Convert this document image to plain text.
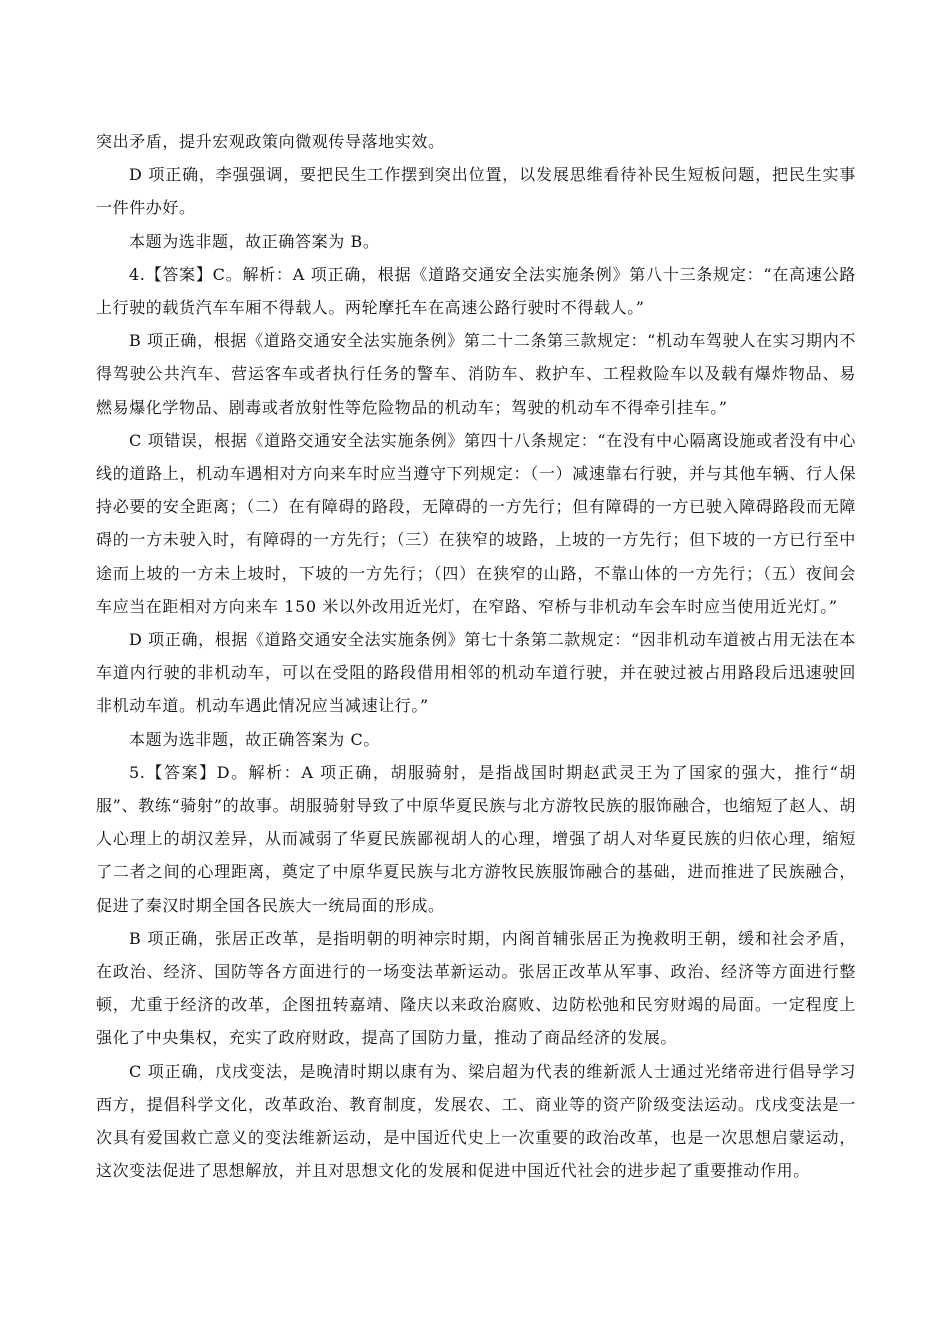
突出矛盾，提升宏观政策向微观传导落地实效。

D 项正确，李强强调，要把民生工作摆到突出位置，以发展思维看待补民生短板问题，把民生实事一件件办好。

本题为选非题，故正确答案为 B。

4.【答案】C。解析：A 项正确，根据《道路交通安全法实施条例》第八十三条规定：“在高速公路上行驶的载货汽车车厢不得载人。两轮摩托车在高速公路行驶时不得载人。”

B 项正确，根据《道路交通安全法实施条例》第二十二条第三款规定：“机动车驾驶人在实习期内不得驾驶公共汽车、营运客车或者执行任务的警车、消防车、救护车、工程救险车以及载有爆炸物品、易燃易爆化学物品、剧毒或者放射性等危险物品的机动车；驾驶的机动车不得牵引挂车。”

C 项错误，根据《道路交通安全法实施条例》第四十八条规定：“在没有中心隔离设施或者没有中心线的道路上，机动车遇相对方向来车时应当遵守下列规定：（一）减速靠右行驶，并与其他车辆、行人保持必要的安全距离；（二）在有障碍的路段，无障碍的一方先行；但有障碍的一方已驶入障碍路段而无障碍的一方未驶入时，有障碍的一方先行；（三）在狭窄的坡路，上坡的一方先行；但下坡的一方已行至中途而上坡的一方未上坡时，下坡的一方先行；（四）在狭窄的山路，不靠山体的一方先行；（五）夜间会车应当在距相对方向来车 150 米以外改用近光灯，在窄路、窄桥与非机动车会车时应当使用近光灯。”

D 项正确，根据《道路交通安全法实施条例》第七十条第二款规定：“因非机动车道被占用无法在本车道内行驶的非机动车，可以在受阻的路段借用相邻的机动车道行驶，并在驶过被占用路段后迅速驶回非机动车道。机动车遇此情况应当减速让行。”

本题为选非题，故正确答案为 C。

5.【答案】D。解析：A 项正确，胡服骑射，是指战国时期赵武灵王为了国家的强大，推行“胡服”、教练“骑射”的故事。胡服骑射导致了中原华夏民族与北方游牧民族的服饰融合，也缩短了赵人、胡人心理上的胡汉差异，从而减弱了华夏民族鄙视胡人的心理，增强了胡人对华夏民族的归依心理，缩短了二者之间的心理距离，奠定了中原华夏民族与北方游牧民族服饰融合的基础，进而推进了民族融合，促进了秦汉时期全国各民族大一统局面的形成。

B 项正确，张居正改革，是指明朝的明神宗时期，内阁首辅张居正为挽救明王朝，缓和社会矛盾，在政治、经济、国防等各方面进行的一场变法革新运动。张居正改革从军事、政治、经济等方面进行整顿，尤重于经济的改革，企图扭转嘉靖、隆庆以来政治腐败、边防松弛和民穷财竭的局面。一定程度上强化了中央集权，充实了政府财政，提高了国防力量，推动了商品经济的发展。

C 项正确，戊戌变法，是晚清时期以康有为、梁启超为代表的维新派人士通过光绪帝进行倡导学习西方，提倡科学文化，改革政治、教育制度，发展农、工、商业等的资产阶级变法运动。戊戌变法是一次具有爱国救亡意义的变法维新运动，是中国近代史上一次重要的政治改革，也是一次思想启蒙运动，这次变法促进了思想解放，并且对思想文化的发展和促进中国近代社会的进步起了重要推动作用。
